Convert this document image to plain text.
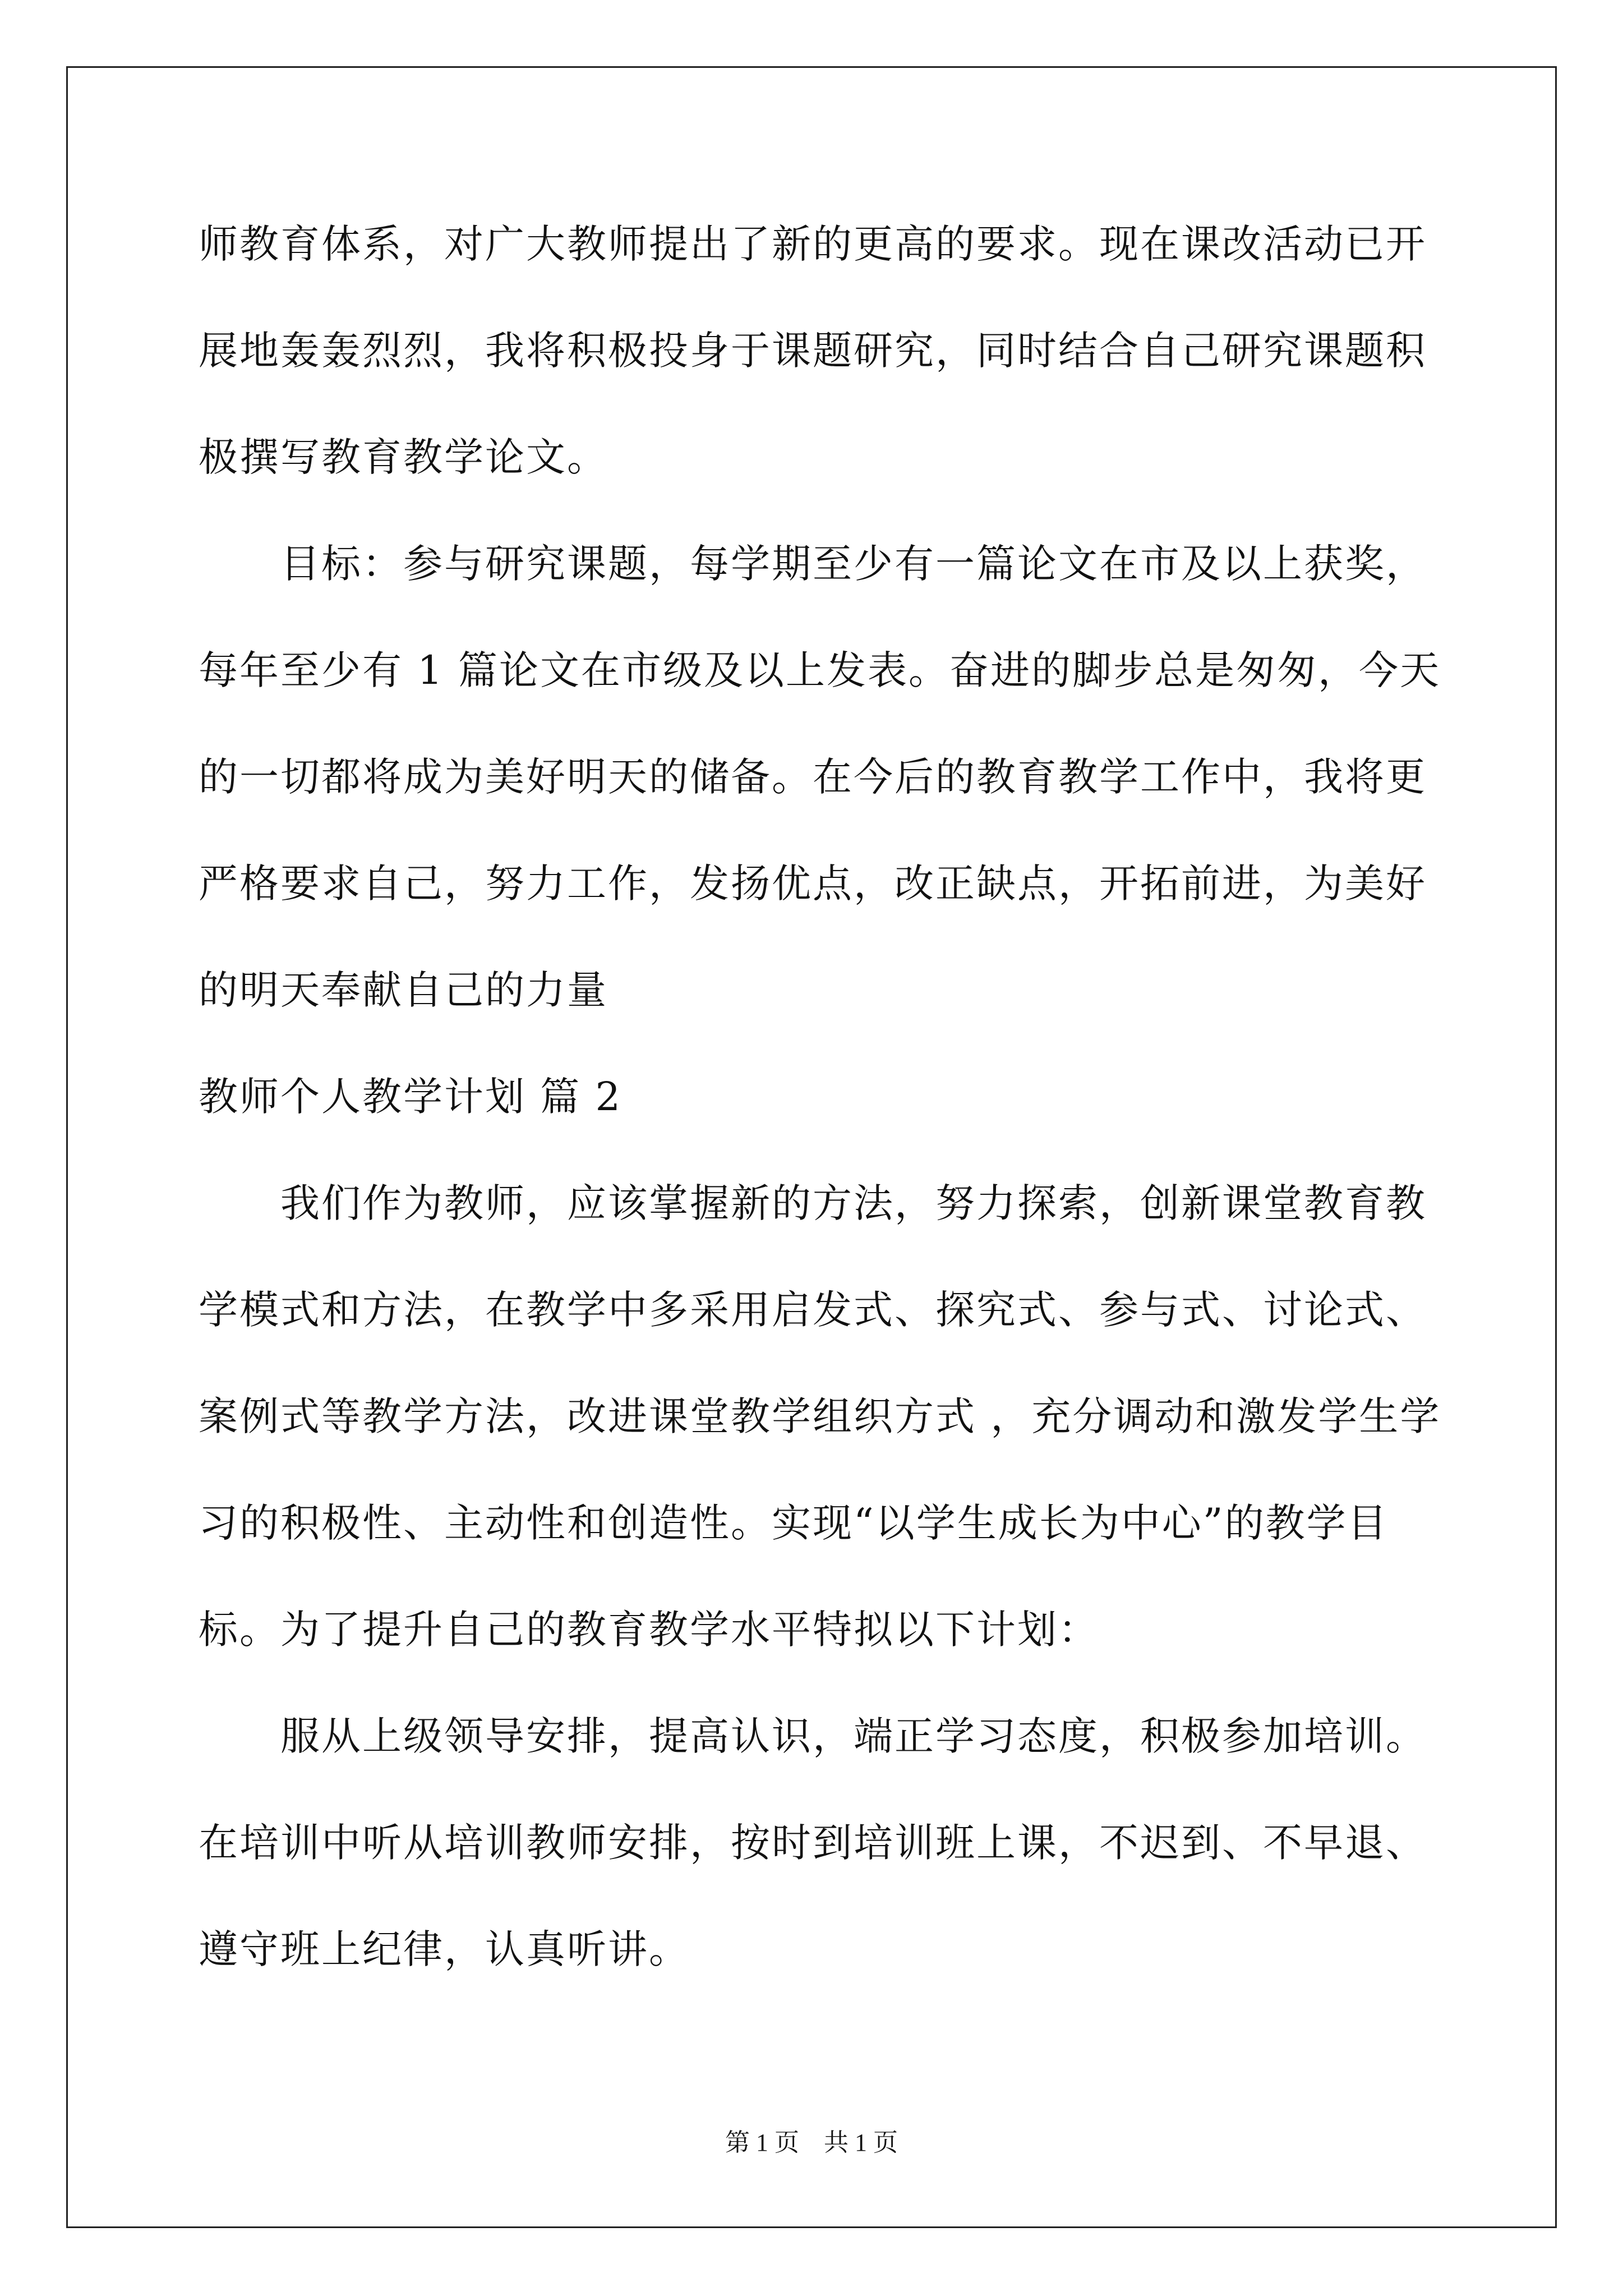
师教育体系，对广大教师提出了新的更高的要求。现在课改活动已开
展地轰轰烈烈，我将积极投身于课题研究，同时结合自己研究课题积
极撰写教育教学论文。
　　目标：参与研究课题，每学期至少有一篇论文在市及以上获奖，
每年至少有 1 篇论文在市级及以上发表。奋进的脚步总是匆匆，今天
的一切都将成为美好明天的储备。在今后的教育教学工作中，我将更
严格要求自己，努力工作，发扬优点，改正缺点，开拓前进，为美好
的明天奉献自己的力量
教师个人教学计划 篇 2
　　我们作为教师，应该掌握新的方法，努力探索，创新课堂教育教
学模式和方法，在教学中多采用启发式、探究式、参与式、讨论式、
案例式等教学方法，改进课堂教学组织方式 ，充分调动和激发学生学
习的积极性、主动性和创造性。实现“以学生成长为中心”的教学目
标。为了提升自己的教育教学水平特拟以下计划：
　　服从上级领导安排，提高认识，端正学习态度，积极参加培训。
在培训中听从培训教师安排，按时到培训班上课，不迟到、不早退、
遵守班上纪律，认真听讲。
第 1 页　共 1 页
